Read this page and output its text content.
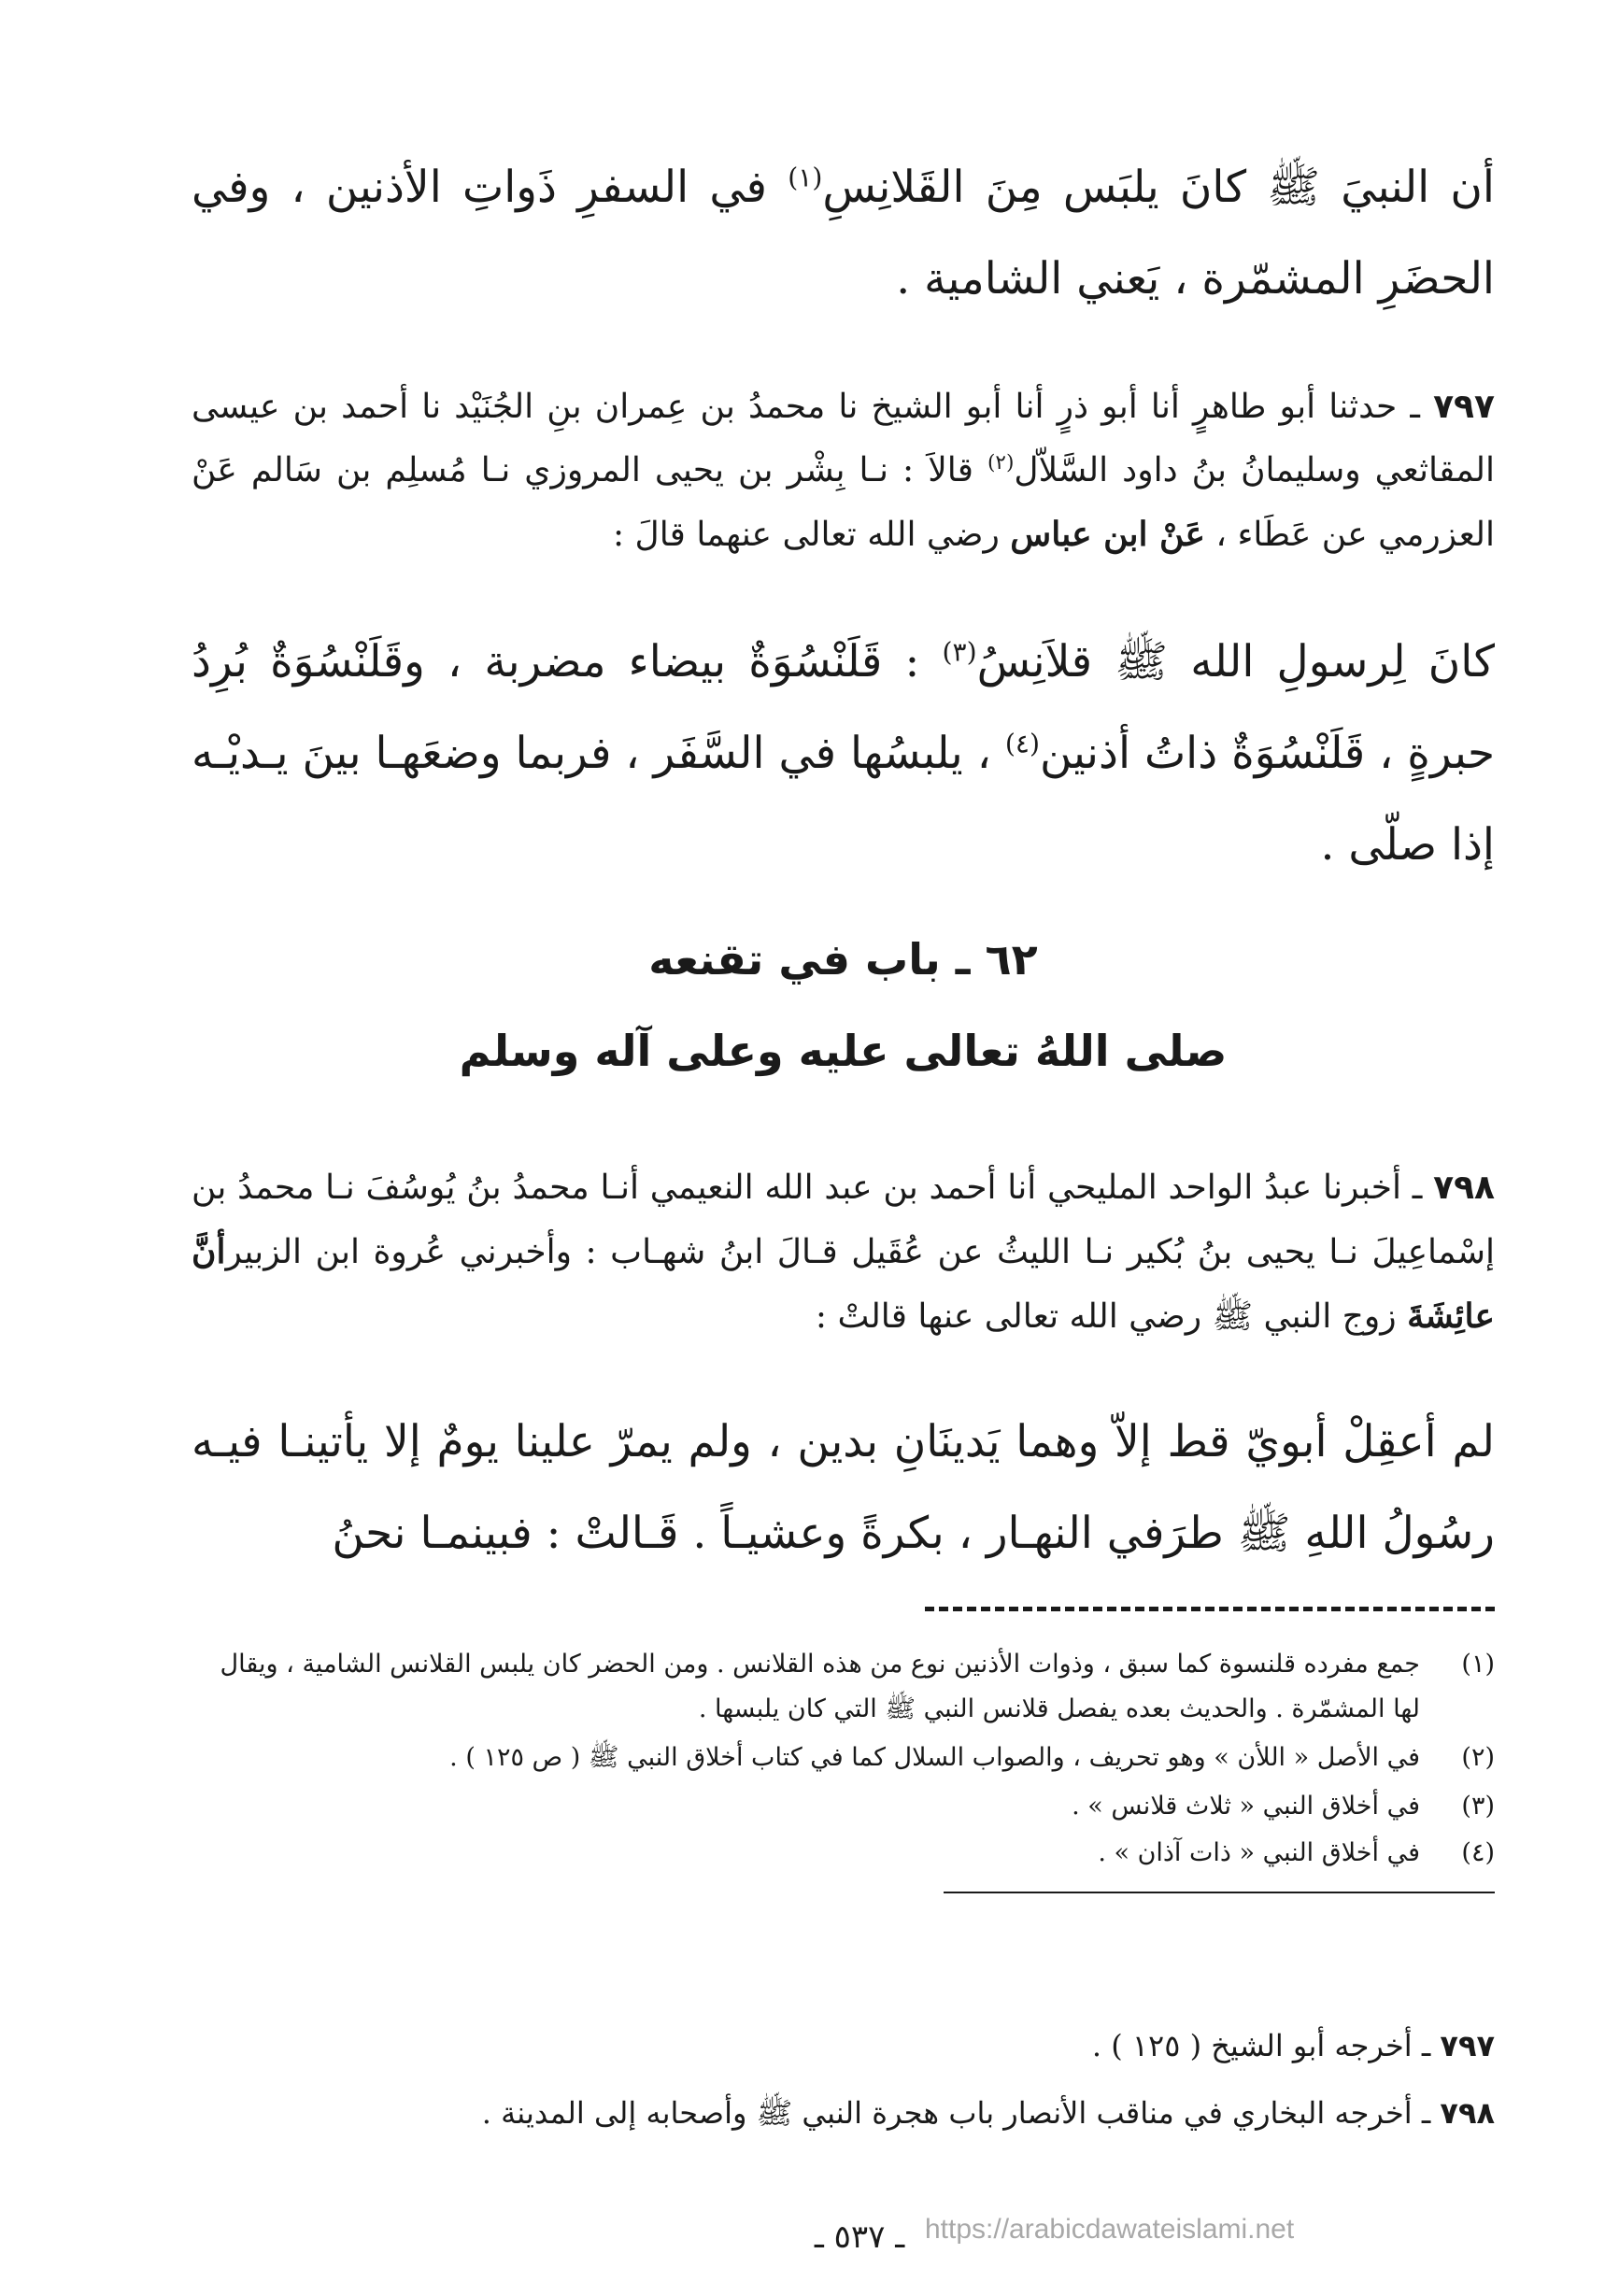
أن النبيَ ﷺ كانَ يلبَس مِنَ القَلانِسِ$^{(١)}$ في السفرِ ذَواتِ الأذنين ، وفي الحضَرِ المشمّرة ، يَعني الشامية .
٧٩٧ ـ حدثنا أبو طاهرٍ أنا أبو ذرٍ أنا أبو الشيخ نا محمدُ بن عِمران بنِ الجُنَيْد نا أحمد بن عيسى المقاثعي وسليمانُ بنُ داود السَّلاّل$^{(٢)}$ قالاَ : نـا بِشْر بن يحيى المروزي نـا مُسلِم بن سَالم عَنْ العزرمي عن عَطَاء ، عَنْ ابن عباس رضي الله تعالى عنهما قالَ :
كانَ لِرسولِ الله ﷺ قلاَنِسُ$^{(٣)}$ : قَلَنْسُوَةٌ بيضاء مضربة ، وقَلَنْسُوَةٌ بُرِدُ حبرةٍ ، قَلَنْسُوَةٌ ذاتُ أذنين$^{(٤)}$ ، يلبسُها في السَّفَر ، فربما وضعَهـا بينَ يـديْـه إذا صلّى .
٦٢ ـ باب في تقنعه
صلى اللهُ تعالى عليه وعلى آله وسلم
٧٩٨ ـ أخبرنا عبدُ الواحد المليحي أنا أحمد بن عبد الله النعيمي أنـا محمدُ بنُ يُوسُفَ نـا محمدُ بن إسْماعِيلَ نـا يحيى بنُ بُكير نـا الليثُ عن عُقَيل قـالَ ابنُ شهـاب : وأخبرني عُروة ابن الزبيرأنَّ عائِشَةَ زوج النبي ﷺ رضي الله تعالى عنها قالتْ :
لم أعقِلْ أبويّ قط إلاّ وهما يَدينَانِ بدين ، ولم يمرّ علينا يومٌ إلا يأتينـا فيـه رسُولُ اللهِ ﷺ طرَفي النهـار ، بكرةً وعشيـاً . قَـالتْ : فبينمـا نحنُ
(١)
جمع مفرده قلنسوة كما سبق ، وذوات الأذنين نوع من هذه القلانس . ومن الحضر كان يلبس القلانس الشامية ، ويقال لها المشمّرة . والحديث بعده يفصل قلانس النبي ﷺ التي كان يلبسها .
(٢)
في الأصل « اللأن » وهو تحريف ، والصواب السلال كما في كتاب أخلاق النبي ﷺ ( ص ١٢٥ ) .
(٣)
في أخلاق النبي « ثلاث قلانس » .
(٤)
في أخلاق النبي « ذات آذان » .
٧٩٧ ـ أخرجه أبو الشيخ ( ١٢٥ ) .
٧٩٨ ـ أخرجه البخاري في مناقب الأنصار باب هجرة النبي ﷺ وأصحابه إلى المدينة .
ـ ٥٣٧ ـ https://arabicdawateislami.net
